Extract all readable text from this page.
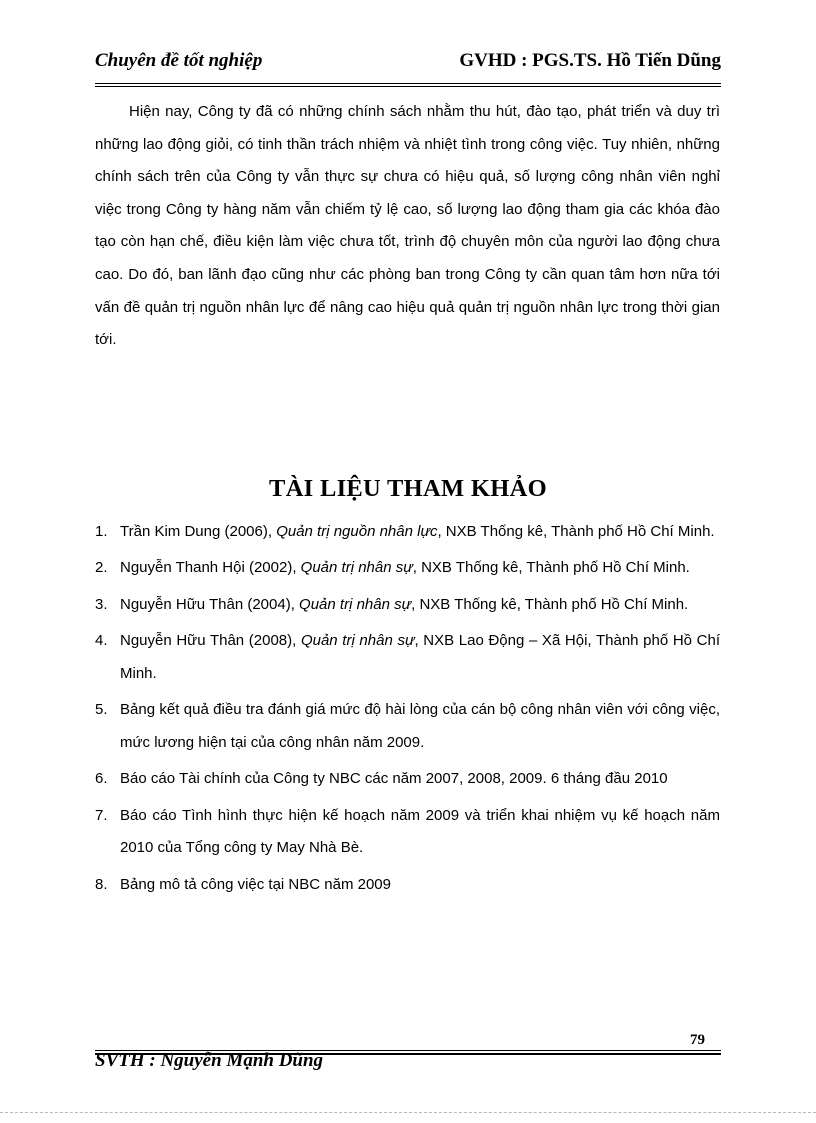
Chuyên đề tốt nghiệp	GVHD : PGS.TS. Hồ Tiến Dũng
Hiện nay, Công ty đã có những chính sách nhằm thu hút, đào tạo, phát triển và duy trì những lao động giỏi, có tinh thần trách nhiệm và nhiệt tình trong công việc. Tuy nhiên, những chính sách trên của Công ty vẫn thực sự chưa có hiệu quả, số lượng công nhân viên nghỉ việc trong Công ty hàng năm vẫn chiếm tỷ lệ cao, số lượng lao động tham gia các khóa đào tạo còn hạn chế, điều kiện làm việc chưa tốt, trình độ chuyên môn của người lao động chưa cao. Do đó, ban lãnh đạo cũng như các phòng ban trong Công ty cần quan tâm hơn nữa tới vấn đề quản trị nguồn nhân lực để nâng cao hiệu quả quản trị nguồn nhân lực trong thời gian tới.
TÀI LIỆU THAM KHẢO
1. Trần Kim Dung (2006), Quản trị nguồn nhân lực, NXB Thống kê, Thành phố Hồ Chí Minh.
2. Nguyễn Thanh Hội (2002), Quản trị nhân sự, NXB Thống kê, Thành phố Hồ Chí Minh.
3. Nguyễn Hữu Thân (2004), Quản trị nhân sự, NXB Thống kê, Thành phố Hồ Chí Minh.
4. Nguyễn Hữu Thân (2008), Quản trị nhân sự, NXB Lao Động – Xã Hội, Thành phố Hồ Chí Minh.
5. Bảng kết quả điều tra đánh giá mức độ hài lòng của cán bộ công nhân viên với công việc, mức lương hiện tại của công nhân năm 2009.
6. Báo cáo Tài chính của Công ty NBC các năm 2007, 2008, 2009. 6 tháng đầu 2010
7. Báo cáo Tình hình thực hiện kế hoạch năm 2009 và triển khai nhiệm vụ kế hoạch năm 2010 của Tổng công ty May Nhà Bè.
8. Bảng mô tả công việc tại NBC năm 2009
79
SVTH : Nguyễn Mạnh Dũng
